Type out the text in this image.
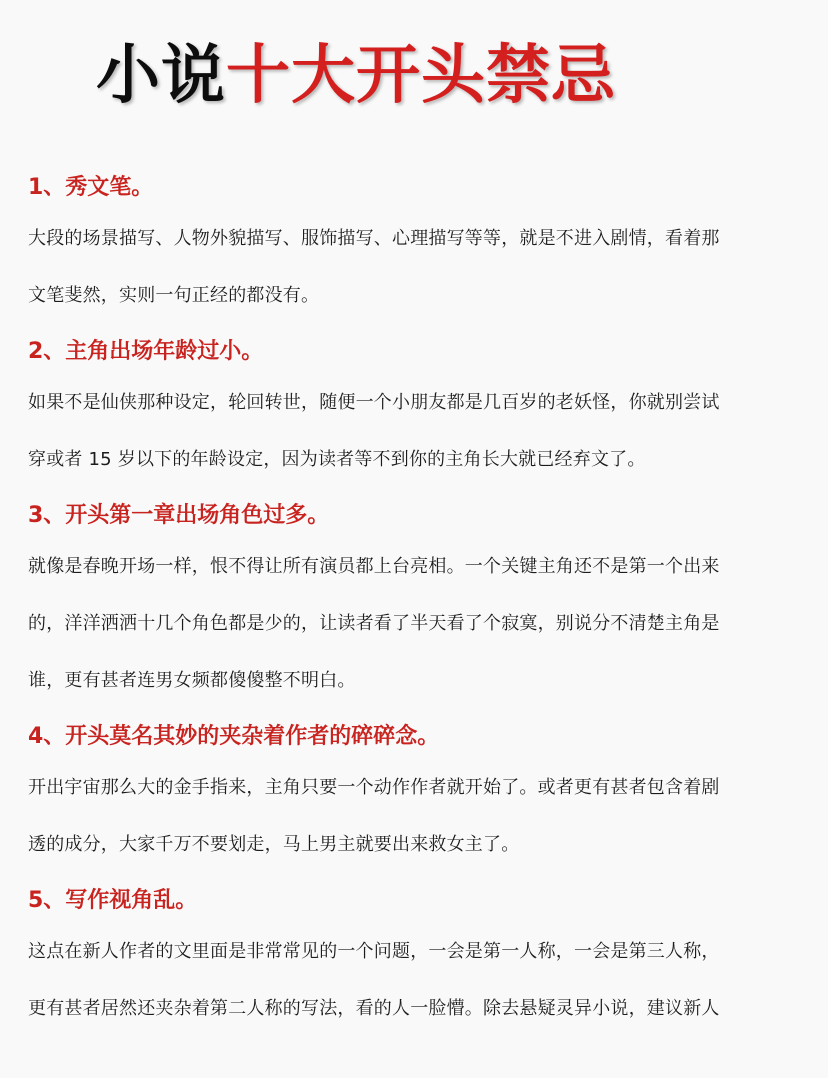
小说十大开头禁忌
1、秀文笔。
大段的场景描写、人物外貌描写、服饰描写、心理描写等等，就是不进入剧情，看着那
文笔斐然，实则一句正经的都没有。
2、主角出场年龄过小。
如果不是仙侠那种设定，轮回转世，随便一个小朋友都是几百岁的老妖怪，你就别尝试
穿或者 15 岁以下的年龄设定，因为读者等不到你的主角长大就已经弃文了。
3、开头第一章出场角色过多。
就像是春晚开场一样，恨不得让所有演员都上台亮相。一个关键主角还不是第一个出来
的，洋洋洒洒十几个角色都是少的，让读者看了半天看了个寂寞，别说分不清楚主角是
谁，更有甚者连男女频都傻傻整不明白。
4、开头莫名其妙的夹杂着作者的碎碎念。
开出宇宙那么大的金手指来，主角只要一个动作作者就开始了。或者更有甚者包含着剧
透的成分，大家千万不要划走，马上男主就要出来救女主了。
5、写作视角乱。
这点在新人作者的文里面是非常常见的一个问题，一会是第一人称，一会是第三人称，
更有甚者居然还夹杂着第二人称的写法，看的人一脸懵。除去悬疑灵异小说，建议新人
